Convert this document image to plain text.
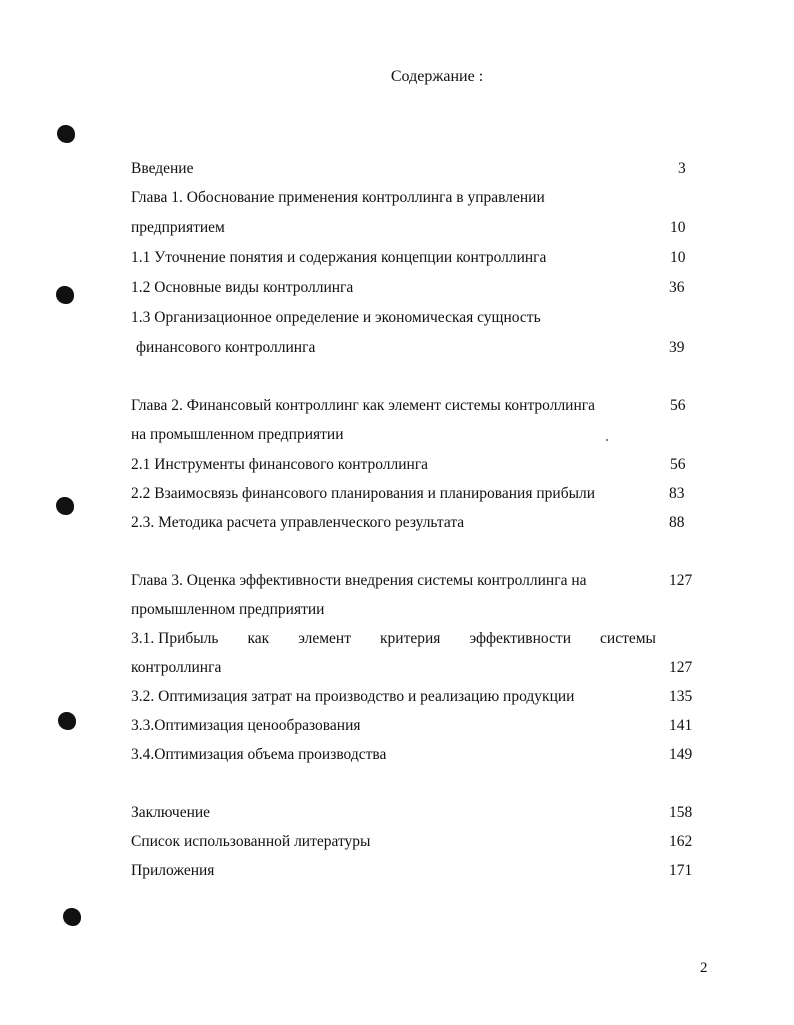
Содержание :
Введение	3
Глава 1. Обоснование применения контроллинга в управлении
предприятием	10
1.1 Уточнение понятия и содержания концепции контроллинга	10
1.2 Основные виды контроллинга	36
1.3 Организационное определение и экономическая сущность
финансового контроллинга	39
Глава 2. Финансовый контроллинг как элемент системы контроллинга	56
на промышленном предприятии
2.1 Инструменты финансового контроллинга	56
2.2 Взаимосвязь финансового планирования и планирования прибыли	83
2.3. Методика расчета управленческого результата	88
Глава 3. Оценка эффективности внедрения системы контроллинга на	127
промышленном предприятии
3.1. Прибыль как элемент критерия эффективности системы
контроллинга	127
3.2. Оптимизация затрат на производство и реализацию продукции	135
3.3.Оптимизация ценообразования	141
3.4.Оптимизация объема производства	149
Заключение	158
Список использованной литературы	162
Приложения	171
2
